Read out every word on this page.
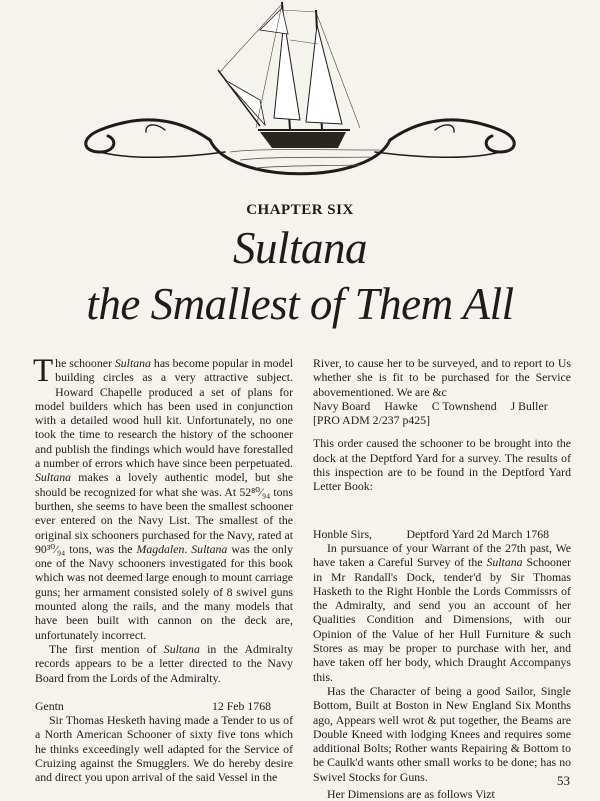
CHAPTER SIX
Sultana
the Smallest of Them All

The schooner Sultana has become popular in model building circles as a very attractive subject. Howard Chapelle produced a set of plans for model builders which has been used in conjunction with a detailed wood hull kit. Unfortunately, no one took the time to research the history of the schooner and publish the findings which would have forestalled a number of errors which have since been perpetuated. Sultana makes a lovely authentic model, but she should be recognized for what she was. At 52⁸⁰⁄₉₄ tons burthen, she seems to have been the smallest schooner ever entered on the Navy List. The smallest of the original six schooners purchased for the Navy, rated at 90³⁰⁄₉₄ tons, was the Magdalen. Sultana was the only one of the Navy schooners investigated for this book which was not deemed large enough to mount carriage guns; her armament consisted solely of 8 swivel guns mounted along the rails, and the many models that have been built with cannon on the deck are, unfortunately incorrect.

The first mention of Sultana in the Admiralty records appears to be a letter directed to the Navy Board from the Lords of the Admiralty.

Gentn	12 Feb 1768

Sir Thomas Hesketh having made a Tender to us of a North American Schooner of sixty five tons which he thinks exceedingly well adapted for the Service of Cruizing against the Smugglers. We do hereby desire and direct you upon arrival of the said Vessel in the

River, to cause her to be surveyed, and to report to Us whether she is fit to be purchased for the Service abovementioned. We are &c

Navy Board Hawke C Townshend J Buller

[PRO ADM 2/237 p425]

This order caused the schooner to be brought into the dock at the Deptford Yard for a survey. The results of this inspection are to be found in the Deptford Yard Letter Book:

Honble Sirs,	Deptford Yard 2d March 1768

In pursuance of your Warrant of the 27th past, We have taken a Careful Survey of the Sultana Schooner in Mr Randall's Dock, tender'd by Sir Thomas Hasketh to the Right Honble the Lords Commissrs of the Admiralty, and send you an account of her Qualities Condition and Dimensions, with our Opinion of the Value of her Hull Furniture & such Stores as may be proper to purchase with her, and have taken off her body, which Draught Accompanys this.

Has the Character of being a good Sailor, Single Bottom, Built at Boston in New England Six Months ago, Appears well wrot & put together, the Beams are Double Kneed with lodging Knees and requires some additional Bolts; Rother wants Repairing & Bottom to be Caulk'd wants other small works to be done; has no Swivel Stocks for Guns.

Her Dimensions are as follows Vizt

53
